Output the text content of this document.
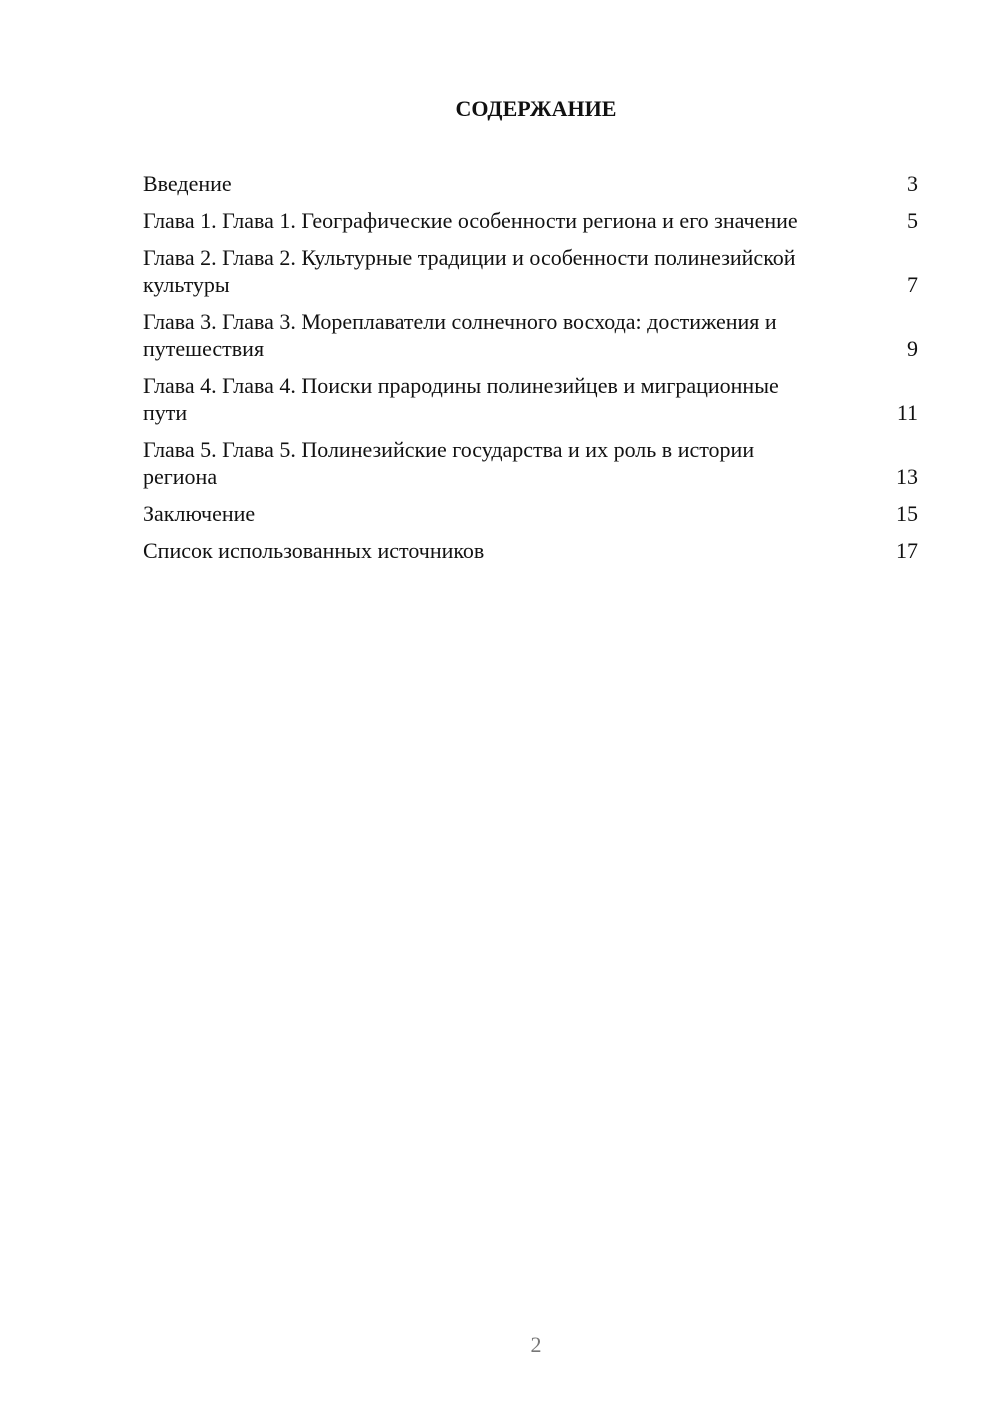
СОДЕРЖАНИЕ
Введение	3
Глава 1. Глава 1. Географические особенности региона и его значение	5
Глава 2. Глава 2. Культурные традиции и особенности полинезийской культуры	7
Глава 3. Глава 3. Мореплаватели солнечного восхода: достижения и путешествия	9
Глава 4. Глава 4. Поиски прародины полинезийцев и миграционные пути	11
Глава 5. Глава 5. Полинезийские государства и их роль в истории региона	13
Заключение	15
Список использованных источников	17
2
